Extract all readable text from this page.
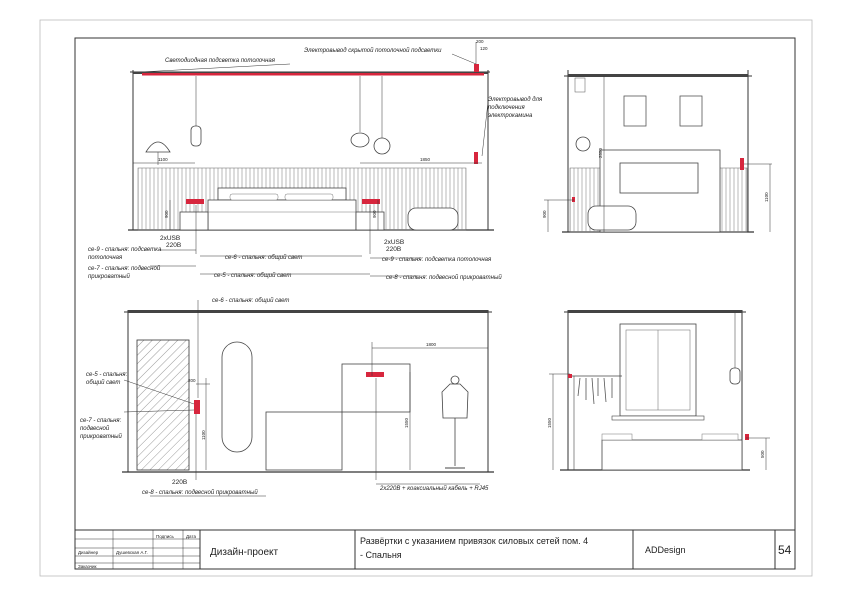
Светодиодная подсветка потолочная
Электровывод скрытой потолочной подсветки
200
120
Электровывод для
подключения
электрокамина
1100	1850
900	900
2xUSB
220B	2xUSB
220B
се-9 - спальня: подсветка
потолочная
се-7 - спальня: подвесной
прикроватный
се-6 - спальня: общий свет
се-5 - спальня: общий свет
се-9 - спальня: подсветка потолочная
се-8 - спальня: подвесной прикроватный
2550
900
1100
се-6 - спальня: общий свет
се-5 - спальня:
общий свет
се-7 - спальня:
подвесной
прикроватный
200
1100
1800
1550
220B
се-8 - спальня: подвесной прикроватный
2х220В + коаксиальный кабель + RJ45
1550
500
Подпись	Дата
Дизайнер	Душевская А.Г.
Заказчик
Дизайн-проект
Развёртки с указанием привязок силовых сетей пом. 4
- Спальня	ADDesign	54
